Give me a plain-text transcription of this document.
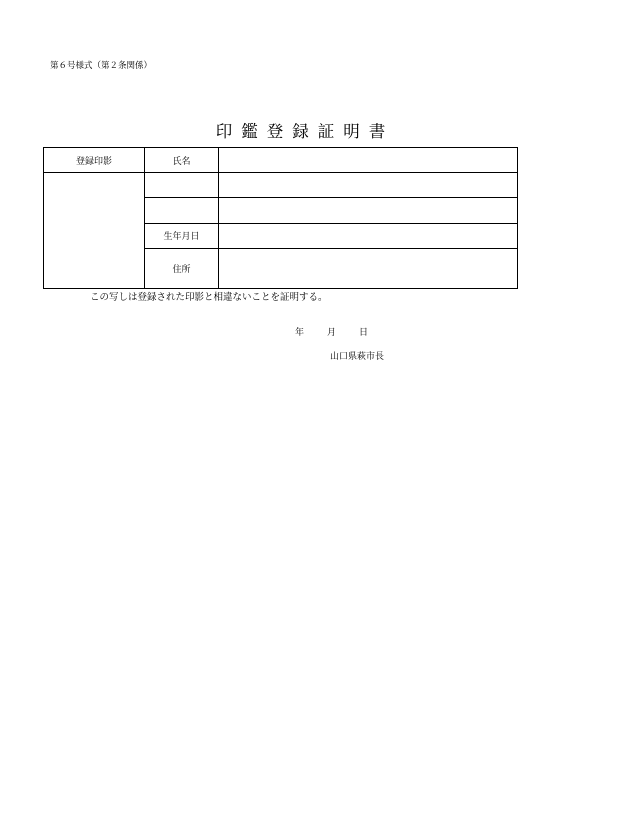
第６号様式（第２条関係）
印鑑登録証明書
登録印影	氏名	

	生年月日	
	住所	
この写しは登録された印影と相違ないことを証明する。
年	月	日
山口県萩市長
